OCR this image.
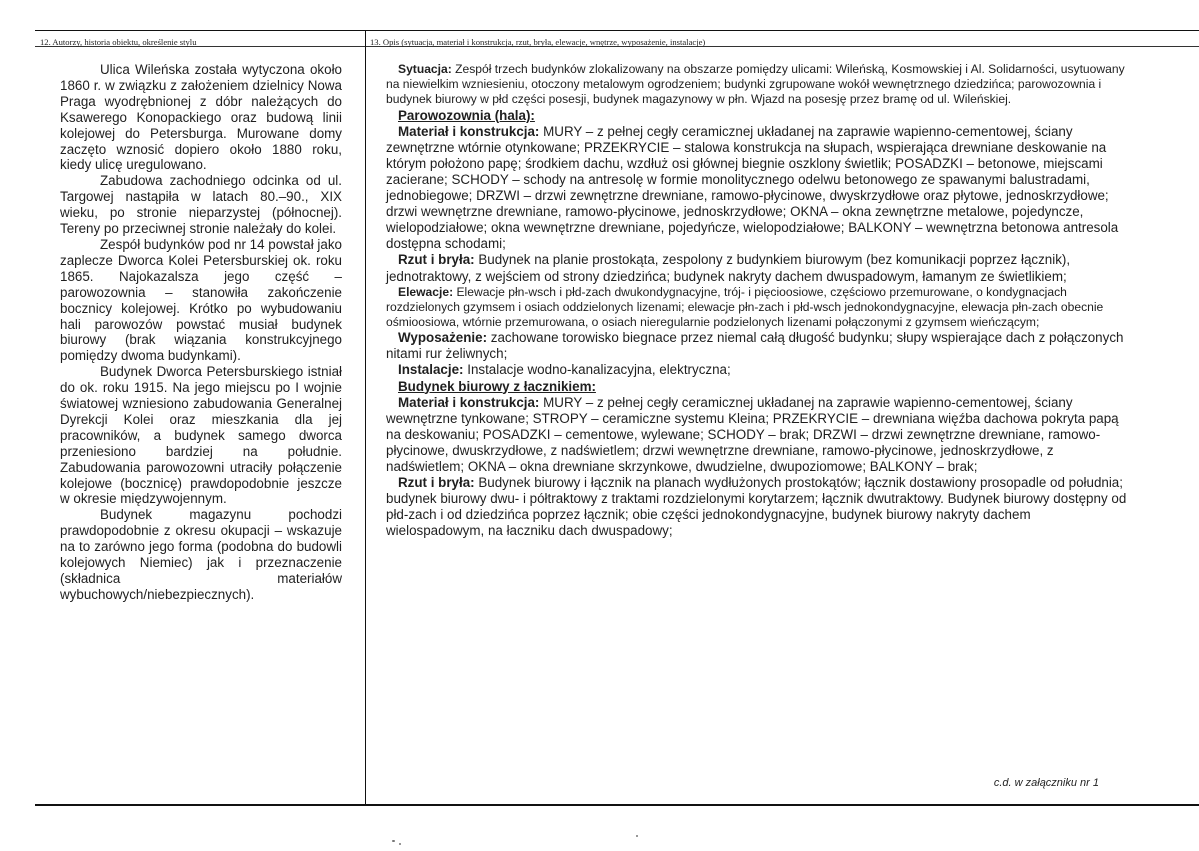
12. Autorzy, historia obiektu, określenie stylu	13. Opis (sytuacja, materiał i konstrukcja, rzut, bryła, elewacje, wnętrze, wyposażenie, instalacje)

Ulica Wileńska została wytyczona około 1860 r. w związku z założeniem dzielnicy Nowa Praga wyodrębnionej z dóbr należących do Ksawerego Konopackiego oraz budową linii kolejowej do Petersburga. Murowane domy zaczęto wznosić dopiero około 1880 roku, kiedy ulicę uregulowano.

Zabudowa zachodniego odcinka od ul. Targowej nastąpiła w latach 80.–90., XIX wieku, po stronie nieparzystej (północnej). Tereny po przeciwnej stronie należały do kolei.

Zespół budynków pod nr 14 powstał jako zaplecze Dworca Kolei Petersburskiej ok. roku 1865. Najokazalsza jego część – parowozownia – stanowiła zakończenie bocznicy kolejowej. Krótko po wybudowaniu hali parowozów powstać musiał budynek biurowy (brak wiązania konstrukcyjnego pomiędzy dwoma budynkami).

Budynek Dworca Petersburskiego istniał do ok. roku 1915. Na jego miejscu po I wojnie światowej wzniesiono zabudowania Generalnej Dyrekcji Kolei oraz mieszkania dla jej pracowników, a budynek samego dworca przeniesiono bardziej na południe. Zabudowania parowozowni utraciły połączenie kolejowe (bocznicę) prawdopodobnie jeszcze w okresie międzywojennym.

Budynek magazynu pochodzi prawdopodobnie z okresu okupacji – wskazuje na to zarówno jego forma (podobna do budowli kolejowych Niemiec) jak i przeznaczenie (składnica materiałów wybuchowych/niebezpiecznych).

Sytuacja: Zespół trzech budynków zlokalizowany na obszarze pomiędzy ulicami: Wileńską, Kosmowskiej i Al. Solidarności, usytuowany na niewielkim wzniesieniu, otoczony metalowym ogrodzeniem; budynki zgrupowane wokół wewnętrznego dziedzińca; parowozownia i budynek biurowy w płd części posesji, budynek magazynowy w płn. Wjazd na posesję przez bramę od ul. Wileńskiej.

Parowozownia (hala):

Materiał i konstrukcja: MURY – z pełnej cegły ceramicznej układanej na zaprawie wapienno-cementowej, ściany zewnętrzne wtórnie otynkowane; PRZEKRYCIE – stalowa konstrukcja na słupach, wspierająca drewniane deskowanie na którym położono papę; środkiem dachu, wzdłuż osi głównej biegnie oszklony świetlik; POSADZKI – betonowe, miejscami zacierane; SCHODY – schody na antresolę w formie monolitycznego odelwu betonowego ze spawanymi balustradami, jednobiegowe; DRZWI – drzwi zewnętrzne drewniane, ramowo-płycinowe, dwyskrzydłowe oraz płytowe, jednoskrzydłowe; drzwi wewnętrzne drewniane, ramowo-płycinowe, jednoskrzydłowe; OKNA – okna zewnętrzne metalowe, pojedyncze, wielopodziałowe; okna wewnętrzne drewniane, pojedyńcze, wielopodziałowe; BALKONY – wewnętrzna betonowa antresola dostępna schodami;

Rzut i bryła: Budynek na planie prostokąta, zespolony z budynkiem biurowym (bez komunikacji poprzez łącznik), jednotraktowy, z wejściem od strony dziedzińca; budynek nakryty dachem dwuspadowym, łamanym ze świetlikiem;

Elewacje: Elewacje płn-wsch i płd-zach dwukondygnacyjne, trój- i pięcioosiowe, częściowo przemurowane, o kondygnacjach rozdzielonych gzymsem i osiach oddzielonych lizenami; elewacje płn-zach i płd-wsch jednokondygnacyjne, elewacja płn-zach obecnie ośmioosiowa, wtórnie przemurowana, o osiach nieregularnie podzielonych lizenami połączonymi z gzymsem wieńczącym;

Wyposażenie: zachowane torowisko biegnace przez niemal całą długość budynku; słupy wspierające dach z połączonych nitami rur żeliwnych;

Instalacje: Instalacje wodno-kanalizacyjna, elektryczna;

Budynek biurowy z łacznikiem:

Materiał i konstrukcja: MURY – z pełnej cegły ceramicznej układanej na zaprawie wapienno-cementowej, ściany wewnętrzne tynkowane; STROPY – ceramiczne systemu Kleina; PRZEKRYCIE – drewniana więźba dachowa pokryta papą na deskowaniu; POSADZKI – cementowe, wylewane; SCHODY – brak; DRZWI – drzwi zewnętrzne drewniane, ramowo-płycinowe, dwuskrzydłowe, z nadświetlem; drzwi wewnętrzne drewniane, ramowo-płycinowe, jednoskrzydłowe, z nadświetlem; OKNA – okna drewniane skrzynkowe, dwudzielne, dwupoziomowe; BALKONY – brak;

Rzut i bryła: Budynek biurowy i łącznik na planach wydłużonych prostokątów; łącznik dostawiony prosopadle od południa; budynek biurowy dwu- i półtraktowy z traktami rozdzielonymi korytarzem; łącznik dwutraktowy. Budynek biurowy dostępny od płd-zach i od dziedzińca poprzez łącznik; obie części jednokondygnacyjne, budynek biurowy nakryty dachem wielospadowym, na łaczniku dach dwuspadowy;

c.d. w załączniku nr 1
